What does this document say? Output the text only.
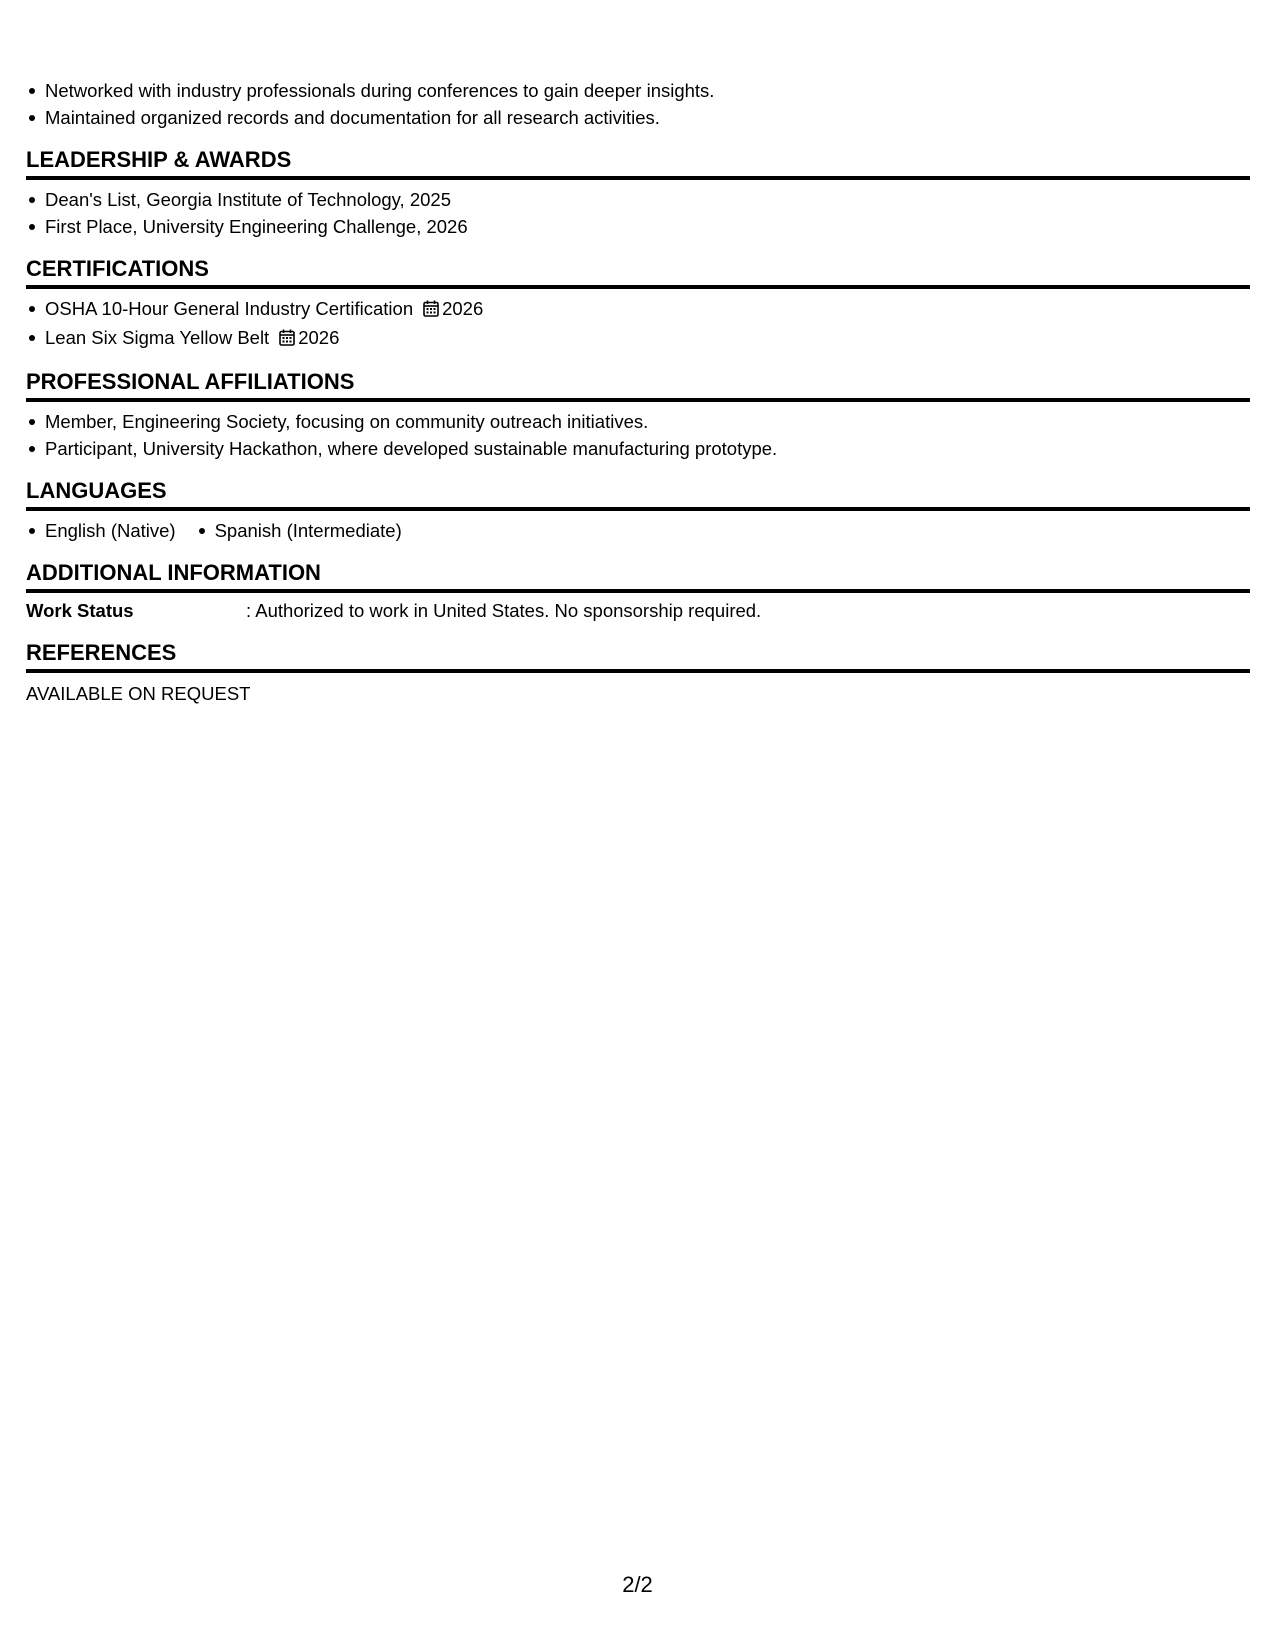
Networked with industry professionals during conferences to gain deeper insights.
Maintained organized records and documentation for all research activities.
LEADERSHIP & AWARDS
Dean's List, Georgia Institute of Technology, 2025
First Place, University Engineering Challenge, 2026
CERTIFICATIONS
OSHA 10-Hour General Industry Certification 2026
Lean Six Sigma Yellow Belt 2026
PROFESSIONAL AFFILIATIONS
Member, Engineering Society, focusing on community outreach initiatives.
Participant, University Hackathon, where developed sustainable manufacturing prototype.
LANGUAGES
English (Native)	Spanish (Intermediate)
ADDITIONAL INFORMATION
Work Status	: Authorized to work in United States. No sponsorship required.
REFERENCES
AVAILABLE ON REQUEST
2/2
